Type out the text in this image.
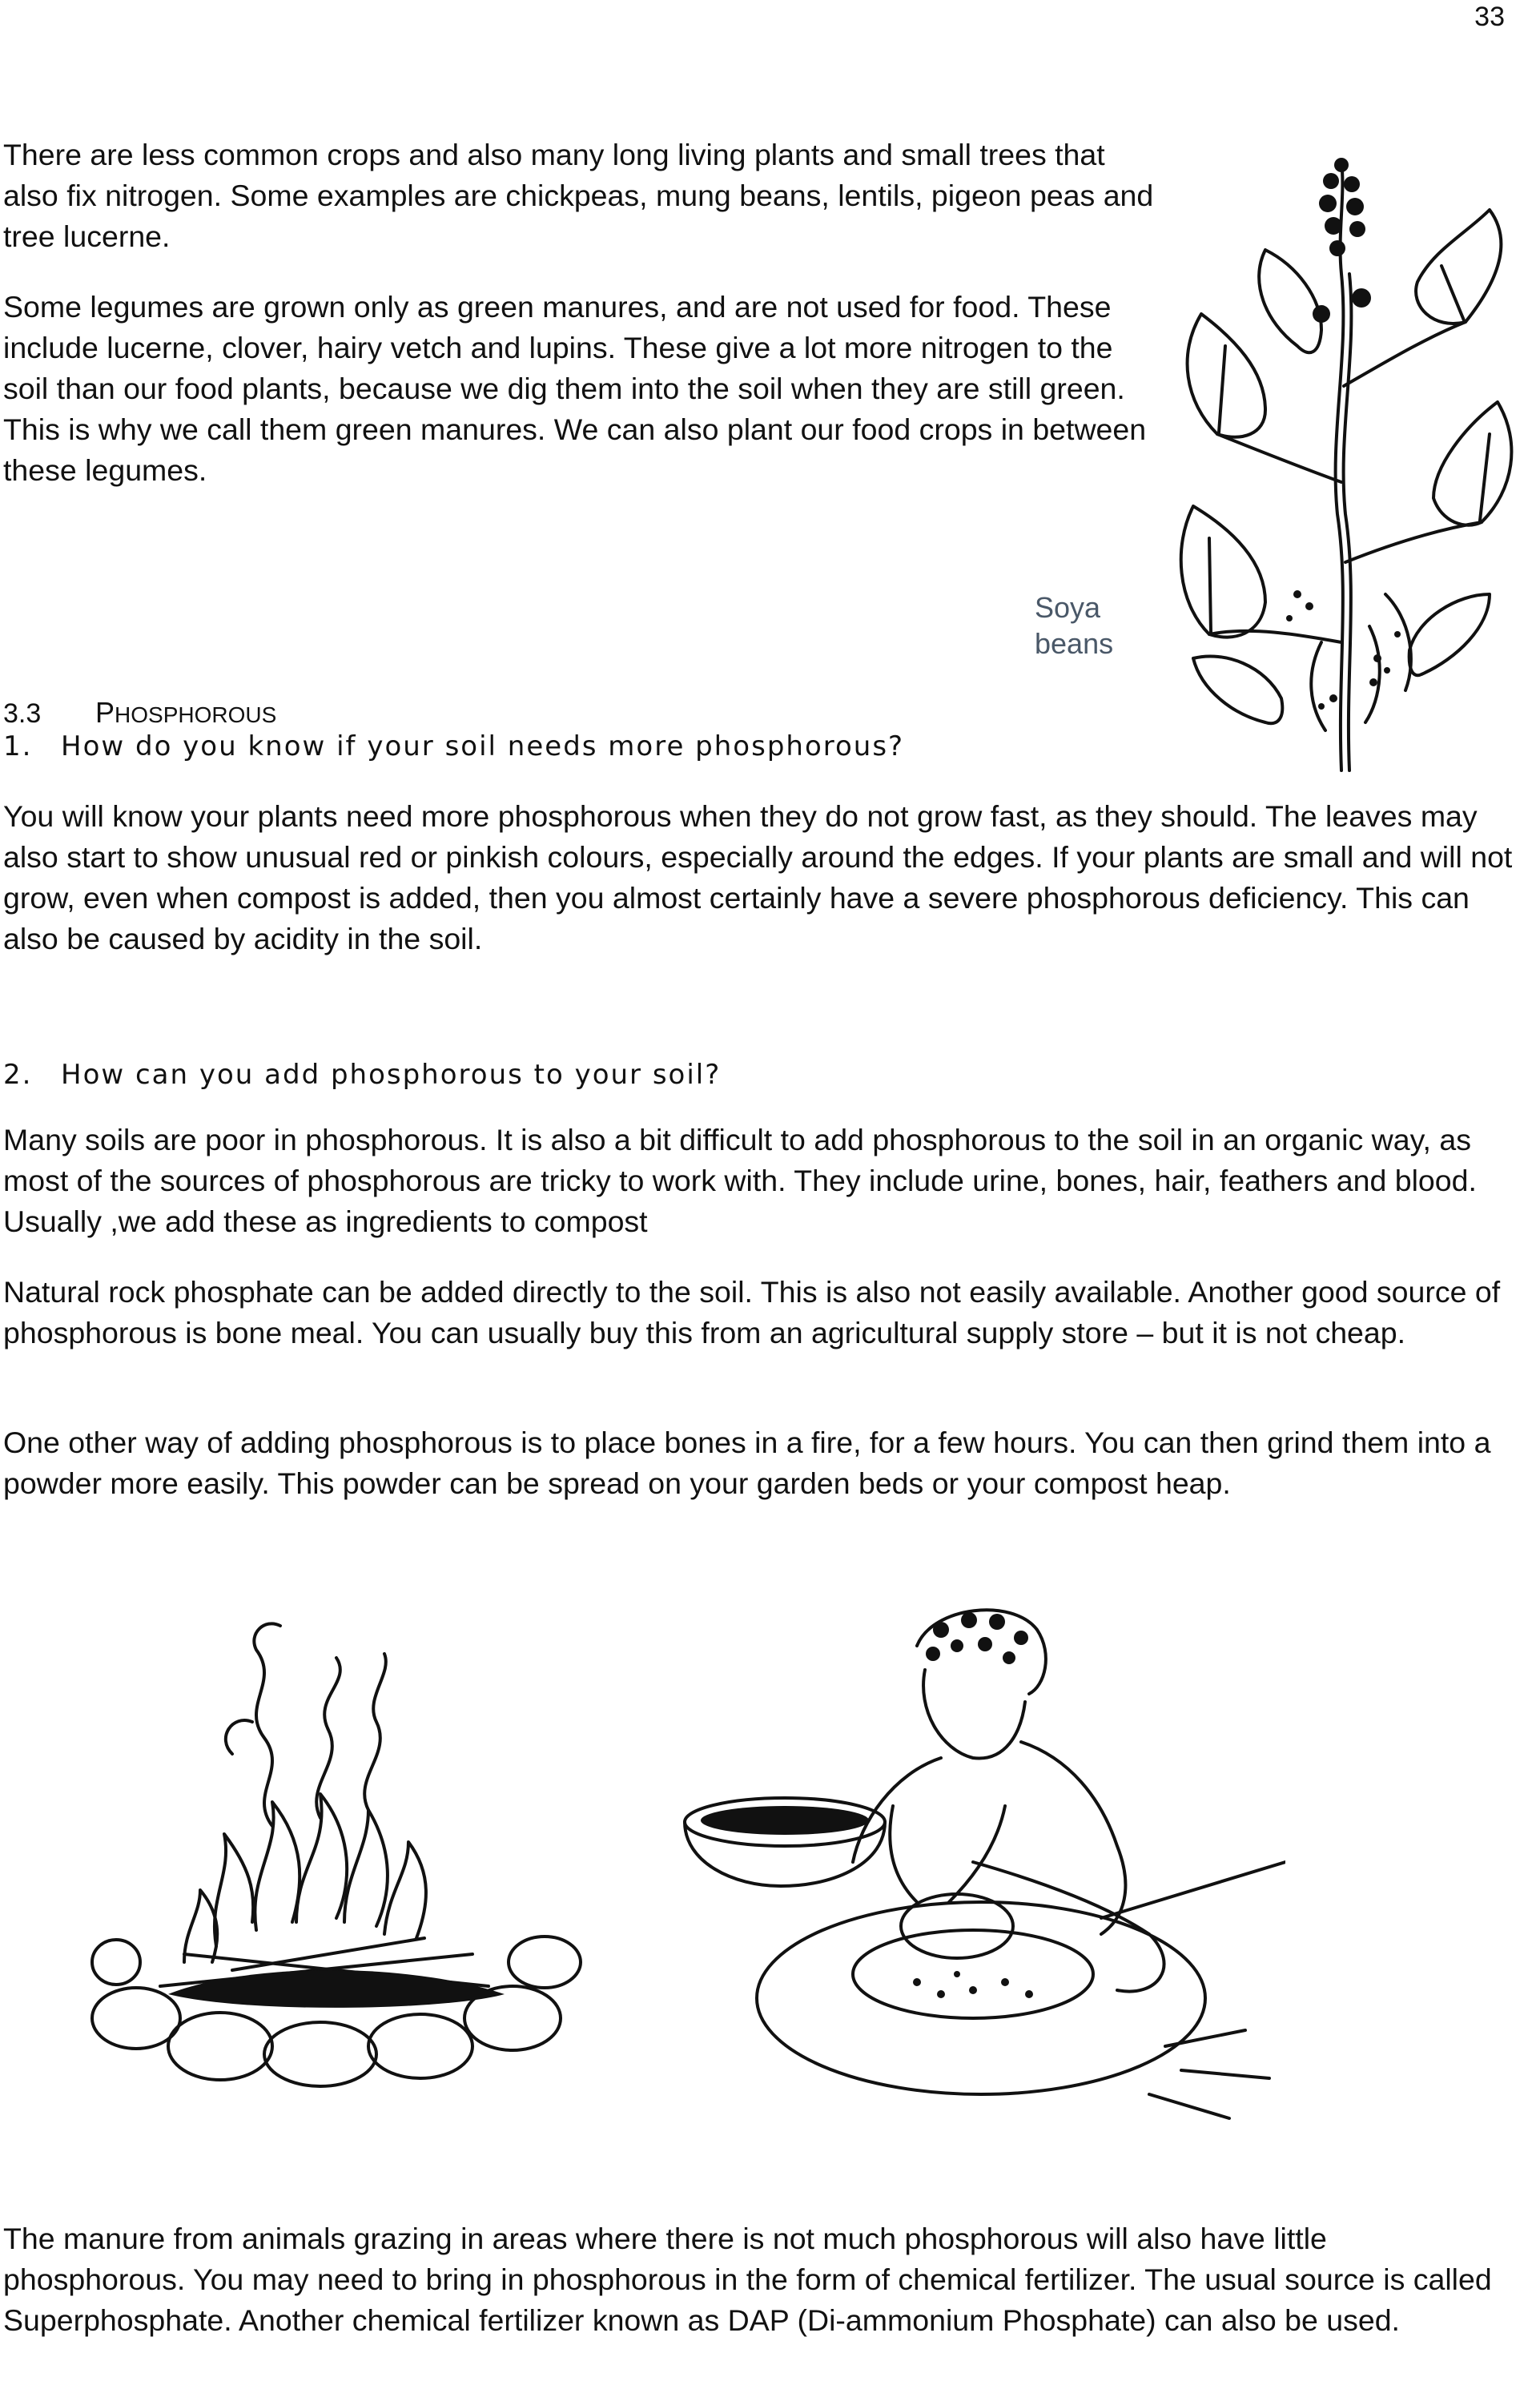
33

There are less common crops and also many long living plants and small trees that also fix nitrogen. Some examples are chickpeas, mung beans, lentils, pigeon peas and tree lucerne.

Some legumes are grown only as green manures, and are not used for food. These include lucerne, clover, hairy vetch and lupins. These give a lot more nitrogen to the soil than our food plants, because we dig them into the soil when they are still green. This is why we call them green manures. We can also plant our food crops in between these legumes.

Soya
beans

3.3 PHOSPHOROUS
1. How do you know if your soil needs more phosphorous?

You will know your plants need more phosphorous when they do not grow fast, as they should. The leaves may also start to show unusual red or pinkish colours, especially around the edges. If your plants are small and will not grow, even when compost is added, then you almost certainly have a severe phosphorous deficiency. This can also be caused by acidity in the soil.

2. How can you add phosphorous to your soil?

Many soils are poor in phosphorous. It is also a bit difficult to add phosphorous to the soil in an organic way, as most of the sources of phosphorous are tricky to work with. They include urine, bones, hair, feathers and blood. Usually ,we add these as ingredients to compost

Natural rock phosphate can be added directly to the soil. This is also not easily available. Another good source of phosphorous is bone meal. You can usually buy this from an agricultural supply store – but it is not cheap.

One other way of adding phosphorous is to place bones in a fire, for a few hours. You can then grind them into a powder more easily. This powder can be spread on your garden beds or your compost heap.

The manure from animals grazing in areas where there is not much phosphorous will also have little phosphorous. You may need to bring in phosphorous in the form of chemical fertilizer. The usual source is called Superphosphate. Another chemical fertilizer known as DAP (Di-ammonium Phosphate) can also be used.
